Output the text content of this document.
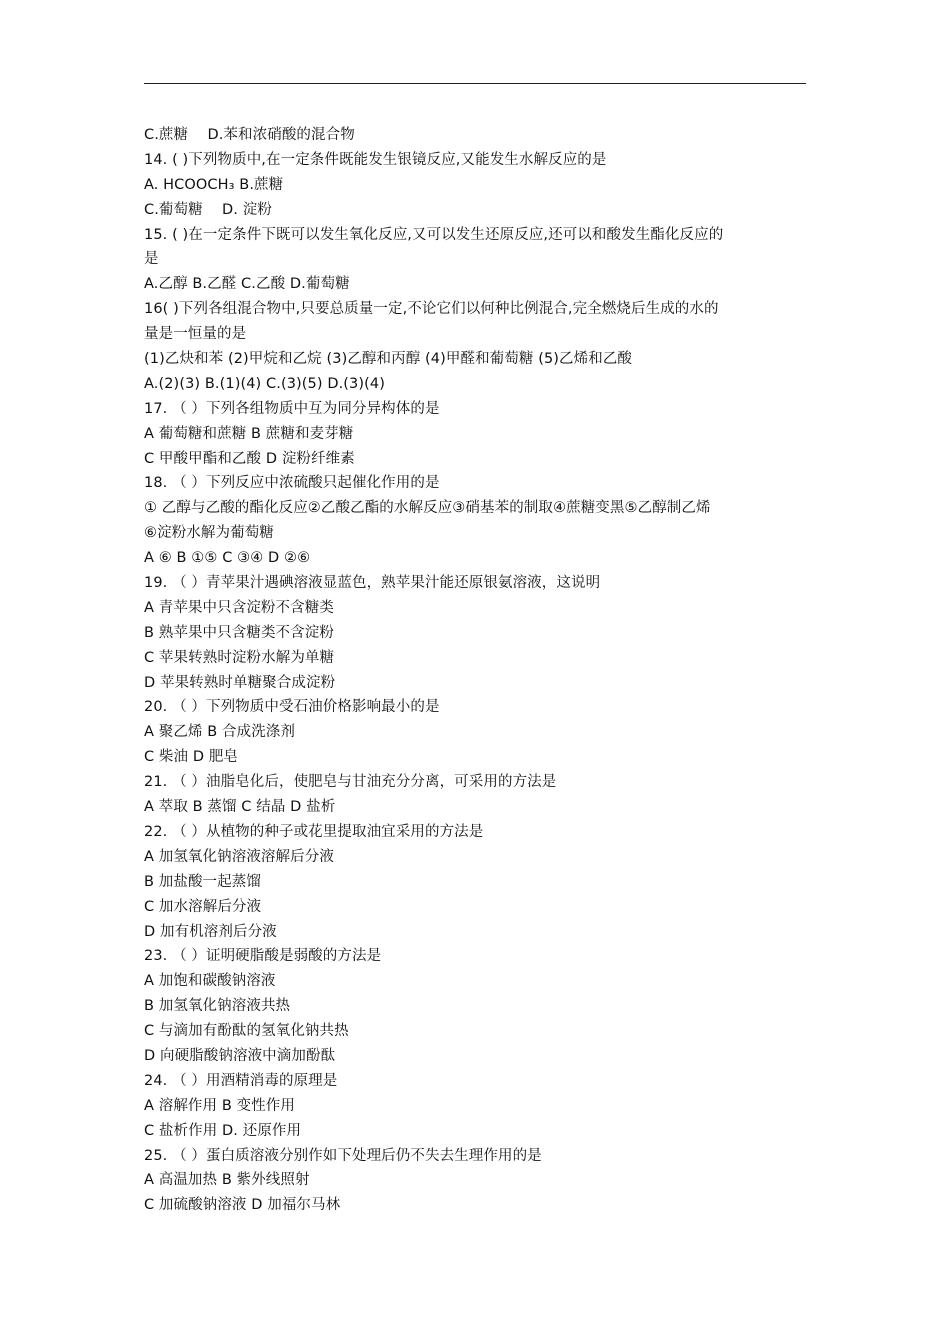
C.蔗糖　 D.苯和浓硝酸的混合物
14. ( )下列物质中,在一定条件既能发生银镜反应,又能发生水解反应的是
A. HCOOCH₃ B.蔗糖
C.葡萄糖　 D. 淀粉
15. ( )在一定条件下既可以发生氧化反应,又可以发生还原反应,还可以和酸发生酯化反应的
是
A.乙醇 B.乙醛 C.乙酸 D.葡萄糖
16( )下列各组混合物中,只要总质量一定,不论它们以何种比例混合,完全燃烧后生成的水的
量是一恒量的是
(1)乙炔和苯 (2)甲烷和乙烷 (3)乙醇和丙醇 (4)甲醛和葡萄糖 (5)乙烯和乙酸
A.(2)(3) B.(1)(4) C.(3)(5) D.(3)(4)
17. （ ）下列各组物质中互为同分异构体的是
A 葡萄糖和蔗糖 B 蔗糖和麦芽糖
C 甲酸甲酯和乙酸 D 淀粉纤维素
18. （ ）下列反应中浓硫酸只起催化作用的是
① 乙醇与乙酸的酯化反应②乙酸乙酯的水解反应③硝基苯的制取④蔗糖变黑⑤乙醇制乙烯
⑥淀粉水解为葡萄糖
A ⑥ B ①⑤ C ③④ D ②⑥
19. （ ）青苹果汁遇碘溶液显蓝色，熟苹果汁能还原银氨溶液，这说明
A 青苹果中只含淀粉不含糖类
B 熟苹果中只含糖类不含淀粉
C 苹果转熟时淀粉水解为单糖
D 苹果转熟时单糖聚合成淀粉
20. （ ）下列物质中受石油价格影响最小的是
A 聚乙烯 B 合成洗涤剂
C 柴油 D 肥皂
21. （ ）油脂皂化后，使肥皂与甘油充分分离，可采用的方法是
A 萃取 B 蒸馏 C 结晶 D 盐析
22. （ ）从植物的种子或花里提取油宜采用的方法是
A 加氢氧化钠溶液溶解后分液
B 加盐酸一起蒸馏
C 加水溶解后分液
D 加有机溶剂后分液
23. （ ）证明硬脂酸是弱酸的方法是
A 加饱和碳酸钠溶液
B 加氢氧化钠溶液共热
C 与滴加有酚酞的氢氧化钠共热
D 向硬脂酸钠溶液中滴加酚酞
24. （ ）用酒精消毒的原理是
A 溶解作用 B 变性作用
C 盐析作用 D. 还原作用
25. （ ）蛋白质溶液分别作如下处理后仍不失去生理作用的是
A 高温加热 B 紫外线照射
C 加硫酸钠溶液 D 加福尔马林
